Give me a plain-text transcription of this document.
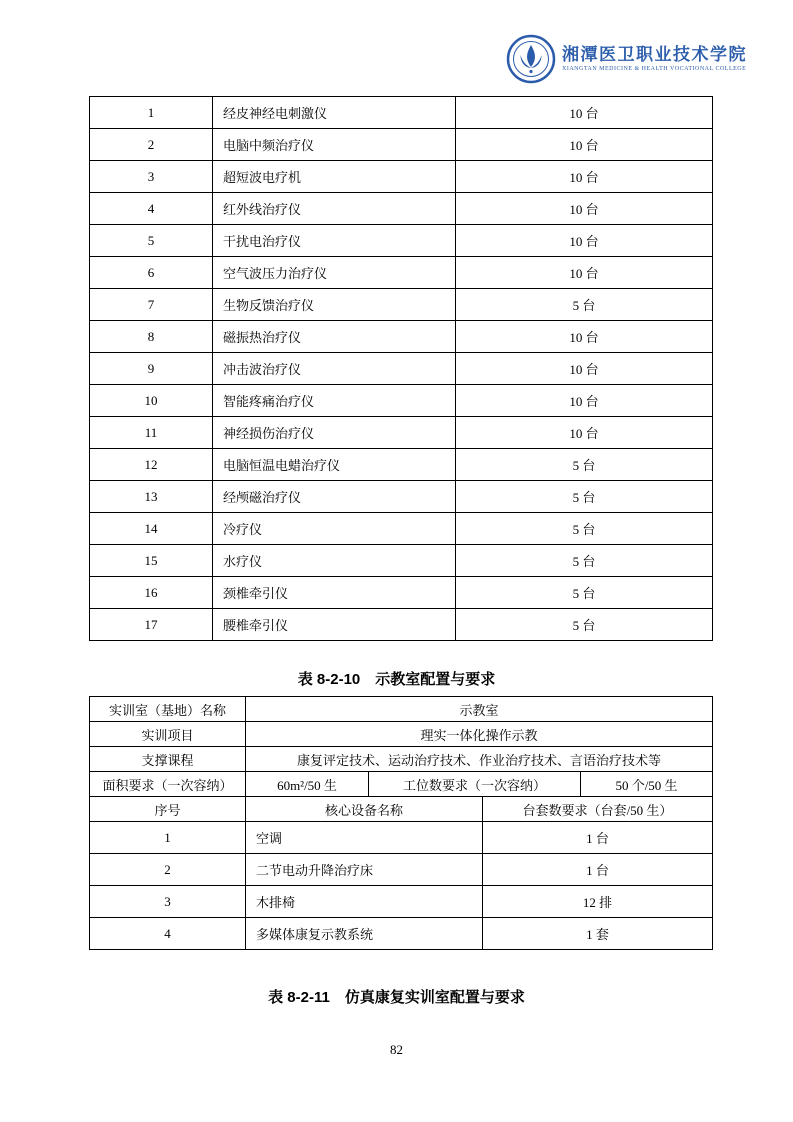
湘潭医卫职业技术学院
XIANGTAN MEDICINE & HEALTH VOCATIONAL COLLEGE
1	经皮神经电刺激仪	10 台
2	电脑中频治疗仪	10 台
3	超短波电疗机	10 台
4	红外线治疗仪	10 台
5	干扰电治疗仪	10 台
6	空气波压力治疗仪	10 台
7	生物反馈治疗仪	5 台
8	磁振热治疗仪	10 台
9	冲击波治疗仪	10 台
10	智能疼痛治疗仪	10 台
11	神经损伤治疗仪	10 台
12	电脑恒温电蜡治疗仪	5 台
13	经颅磁治疗仪	5 台
14	冷疗仪	5 台
15	水疗仪	5 台
16	颈椎牵引仪	5 台
17	腰椎牵引仪	5 台
表 8-2-10　示教室配置与要求
实训室（基地）名称	示教室			
实训项目	理实一体化操作示教			
支撑课程	康复评定技术、运动治疗技术、作业治疗技术、言语治疗技术等			
面积要求（一次容纳）	60m²/50 生	工位数要求（一次容纳）		50 个/50 生
序号	核心设备名称		台套数要求（台套/50 生）	
1	空调		1 台	
2	二节电动升降治疗床		1 台	
3	木排椅		12 排	
4	多媒体康复示教系统		1 套	
表 8-2-11　仿真康复实训室配置与要求
82
